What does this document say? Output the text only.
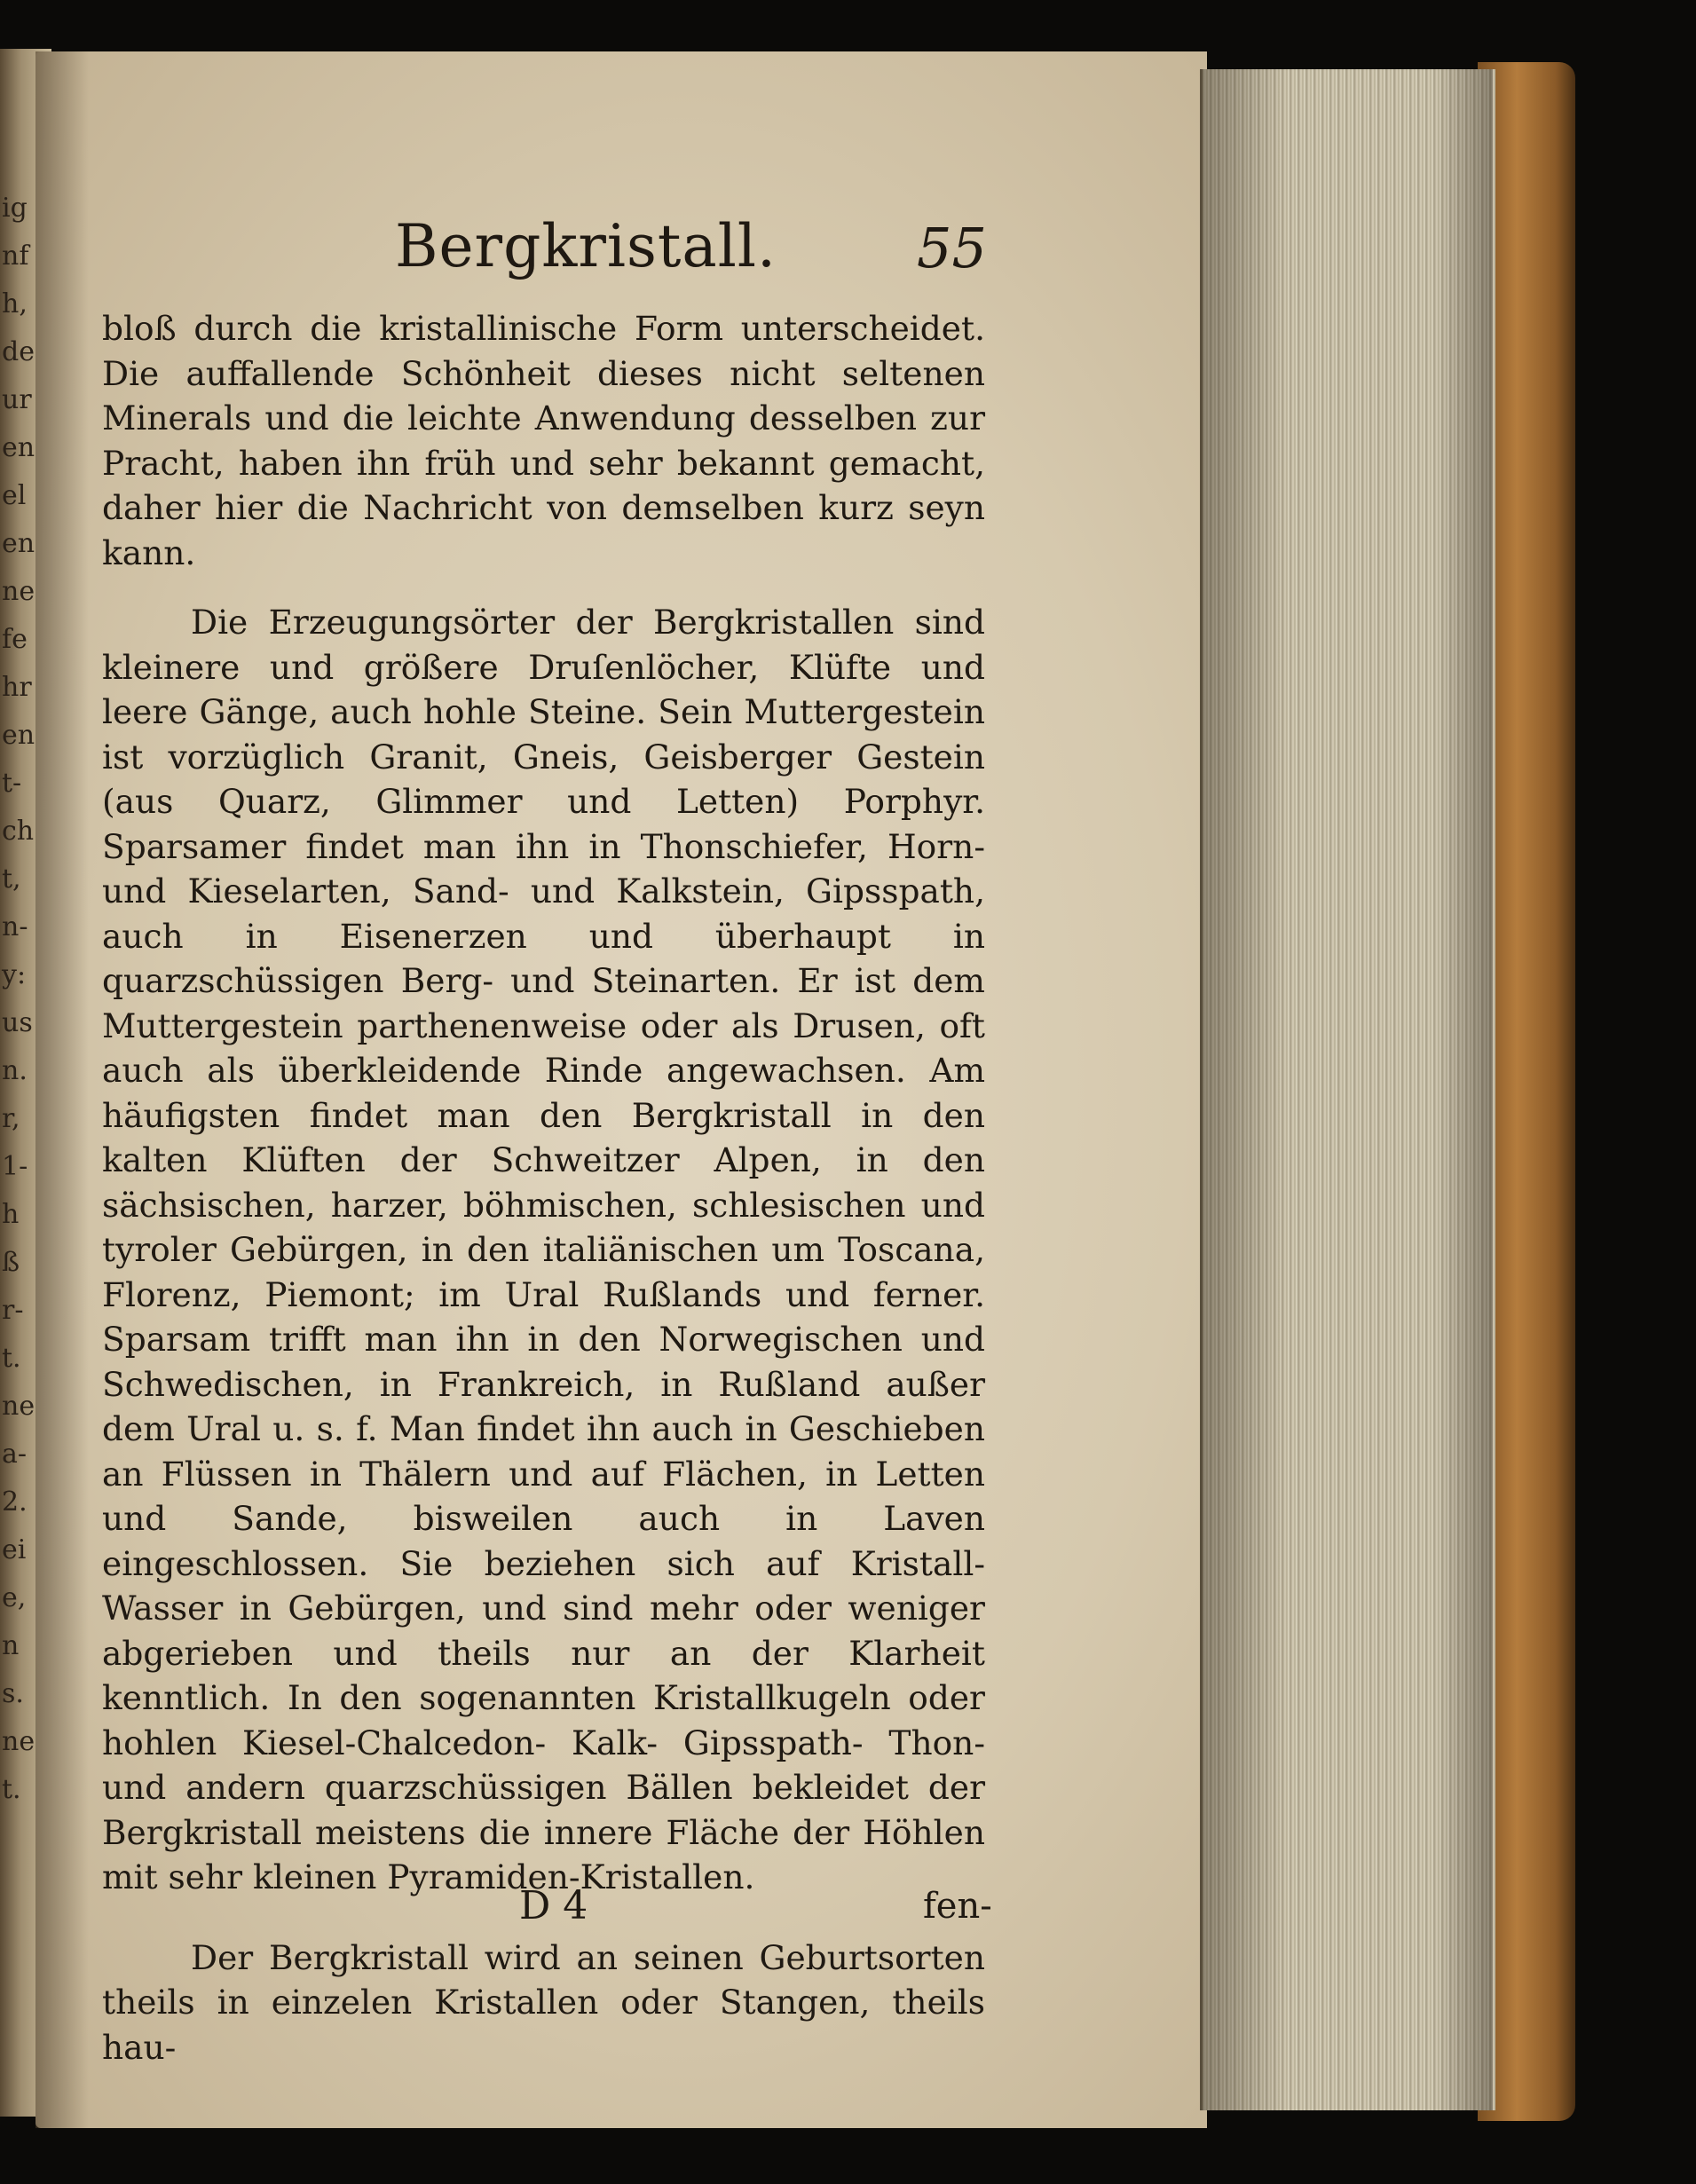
ig
nf
h,
de
ur
en
el
en
ne
fe
hr
en
t-
ch
t,
n-
y:
us
n.
r,
1-
h
ß
r-
t.
ne
a-
2.
ei
e,
n
s.
ne
t.
Bergkristall.	55

bloß durch die kristallinische Form unterscheidet. Die auffallende Schönheit dieses nicht seltenen Minerals und die leichte Anwendung desselben zur Pracht, haben ihn früh und sehr bekannt gemacht, daher hier die Nachricht von demselben kurz seyn kann.

Die Erzeugungsörter der Bergkristallen sind kleinere und größere Druſenlöcher, Klüfte und leere Gänge, auch hohle Steine. Sein Muttergestein ist vorzüglich Granit, Gneis, Geisberger Gestein (aus Quarz, Glimmer und Letten) Porphyr. Sparsamer findet man ihn in Thonschiefer, Horn- und Kieselarten, Sand- und Kalkstein, Gipsspath, auch in Eisenerzen und überhaupt in quarzschüssigen Berg- und Steinarten. Er ist dem Muttergestein parthenenweise oder als Drusen, oft auch als überkleidende Rinde angewachsen. Am häufigsten findet man den Bergkristall in den kalten Klüften der Schweitzer Alpen, in den sächsischen, harzer, böhmischen, schlesischen und tyroler Gebürgen, in den italiänischen um Toscana, Florenz, Piemont; im Ural Rußlands und ferner. Sparsam trifft man ihn in den Norwegischen und Schwedischen, in Frankreich, in Rußland außer dem Ural u. s. f. Man findet ihn auch in Geschieben an Flüssen in Thälern und auf Flächen, in Letten und Sande, bisweilen auch in Laven eingeschlossen. Sie beziehen sich auf Kristall-Wasser in Gebürgen, und sind mehr oder weniger abgerieben und theils nur an der Klarheit kenntlich. In den sogenannten Kristallkugeln oder hohlen Kiesel-Chalcedon- Kalk- Gipsspath- Thon- und andern quarzschüssigen Bällen bekleidet der Bergkristall meistens die innere Fläche der Höhlen mit sehr kleinen Pyramiden-Kristallen.

Der Bergkristall wird an seinen Geburtsorten theils in einzelen Kristallen oder Stangen, theils hau-

D 4	fen-
